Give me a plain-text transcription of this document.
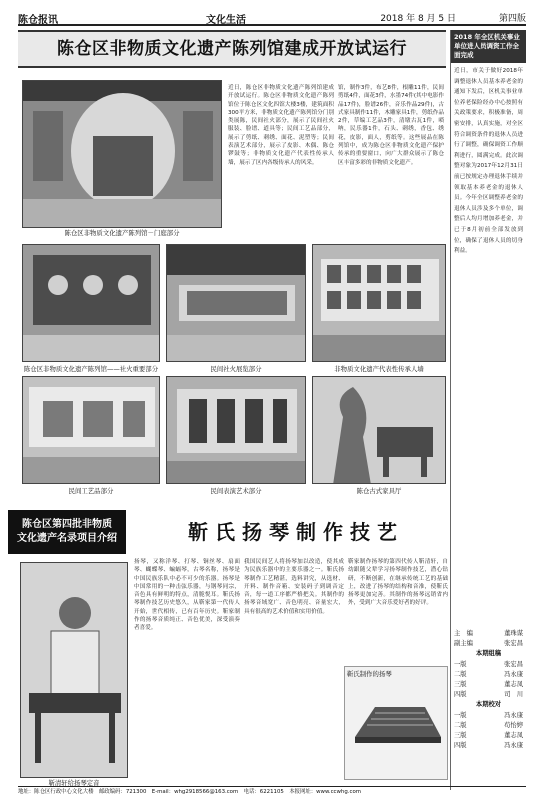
陈仓报讯	文化生活	2018 年 8 月 5 日	第四版
陈仓区非物质文化遗产陈列馆建成开放试运行
陈仓区非物质文化遗产陈列馆－门庭部分
近日，陈仓区非物质文化遗产陈列馆建成开放试运行。陈仓区非物质文化遗产陈列馆位于陈仓区文化四馆大楼3楼，建筑面积300平方米，非物质文化遗产陈列馆分门别类展陈，民间社火部分，展示了民间社火服装、脸谱、道具等；民间工艺品部分，展示了剪纸、刺绣、面花、泥塑等；民间表演艺术部分，展示了皮影、木偶、陈仓锣鼓等；非物质文化遗产代表性传承人墙，展示了区内各级传承人的风采。
馆，制作3件，布艺8件，根雕11件，民间剪纸4件，面花3件，水墨74件(其中电影作品17件)，脸谱26件，音乐作品29件)，古式家具制作11件，木雕家具1件，剪纸作品2件，草编工艺品3件，清墩古瓦1件，唢呐，民乐器1件，石头、刺绣，香包、绣花，皮影，面人，剪纸等。这些展品在陈列馆中，成为陈仓区非物质文化遗产保护传承的重要窗口，向广大群众展示了陈仓区丰富多彩的非物质文化遗产。
陈仓区非物质文化遗产陈列馆——社火重要部分	民间社火展览部分	非物质文化遗产代表性传承人墙
民间工艺品部分	民间表演艺术部分	陈仓古式家具厅
2018 年全区机关事业单位进人员调资工作全面完成
近日，市关于做好2018年调整退休人员基本养老金的通知下发后，区机关事业单位养老保险经办中心按照有关政策要求，积极准备，周密安排，认真实施，对全区符合调资条件的退休人员进行了调整，确保调资工作顺利进行，圆满完成。此次调整对象为2017年12月31日前已按规定办理退休手续并领取基本养老金的退休人员。今年全区调整养老金的退休人员涉及多个单位，调整后人均月增加养老金，并已于8月初前全部发放到位，确保了退休人员的切身利益。
主　编	董珠谋
副主编	张宏昌
本期组稿
一版	张宏昌
二版	冯永康
三版	董志凤
四版	司　川
本期校对
一版	冯永康
二版	苟怡婷
三版	董志凤
四版	冯永康
陈仓区第四批非物质
文化遗产名录项目介绍	靳氏扬琴制作技艺
靳清轩给扬琴定音
扬琴，又称洋琴、打琴、铜丝琴、扇面琴、蝴蝶琴、蝙蝠琴，古琴名称，扬琴是中国民族乐队中必不可少的乐器。扬琴是中国常用的一种击弦乐器，与钢琴同宗，音色具有鲜明的特点，清脆悦耳。靳氏扬琴制作技艺历史悠久，从靳家第一代传人开始，世代相传，已有百年历史。靳家制作的扬琴音质纯正、音色优美，深受演奏者喜爱。
我国民间艺人将扬琴加以改造，使其成为民族乐器中的主要乐器之一。靳氏扬琴制作工艺精湛，选料讲究，从选材、开料、制作音箱、安装码子到调音定音，每一道工序都严格把关。其制作的扬琴音域宽广、音色明亮、音量宏大，具有很高的艺术价值和实用价值。
靳家制作扬琴的第四代传人靳清轩，自幼跟随父辈学习扬琴制作技艺，潜心钻研，不断创新，在继承传统工艺的基础上，改进了扬琴的结构和音准，使靳氏扬琴更加完善。其制作的扬琴远销省内外，受到广大音乐爱好者的好评。
靳氏制作的扬琴
地址：陈仓区行政中心文化大楼　邮政编码：721300　E-mail：whg2918566@163.com　电话：6221105　本报网址：www.ccwhg.com
